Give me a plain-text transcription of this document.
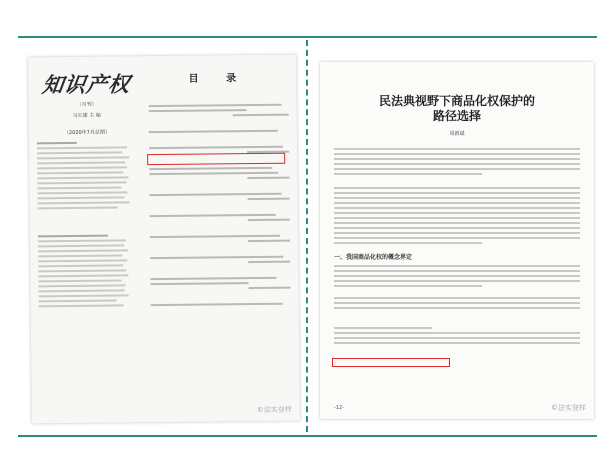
知识产权
（月刊）
马长建 主 编
（2020年7月总期）
目 录
©法实登样
民法典视野下商品化权保护的
路径选择
周新斌
一、我国商品化权的概念界定
-12-	©法实登样
